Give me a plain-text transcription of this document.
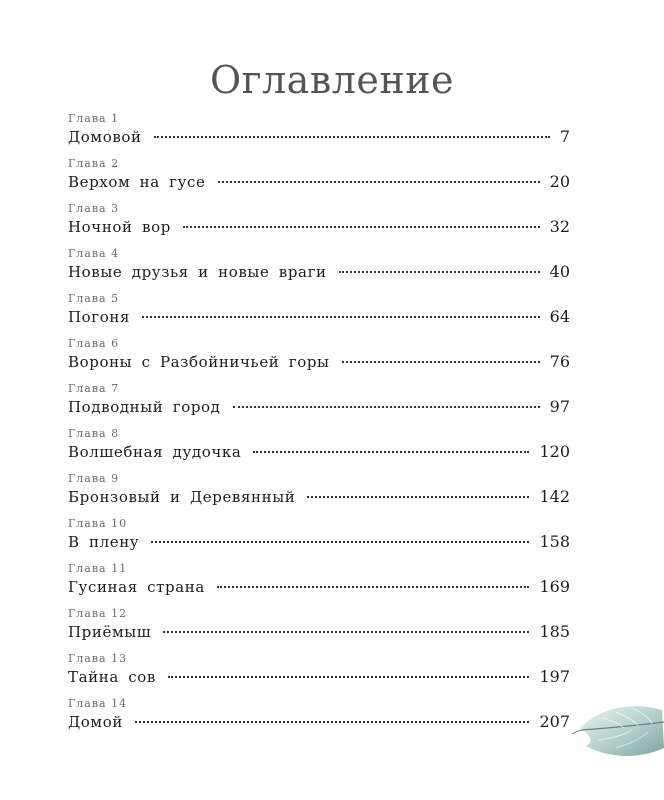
Оглавление
Глава 1
Домовой	7
Глава 2
Верхом на гусе	20
Глава 3
Ночной вор	32
Глава 4
Новые друзья и новые враги	40
Глава 5
Погоня	64
Глава 6
Вороны с Разбойничьей горы	76
Глава 7
Подводный город	97
Глава 8
Волшебная дудочка	120
Глава 9
Бронзовый и Деревянный	142
Глава 10
В плену	158
Глава 11
Гусиная страна	169
Глава 12
Приёмыш	185
Глава 13
Тайна сов	197
Глава 14
Домой	207
